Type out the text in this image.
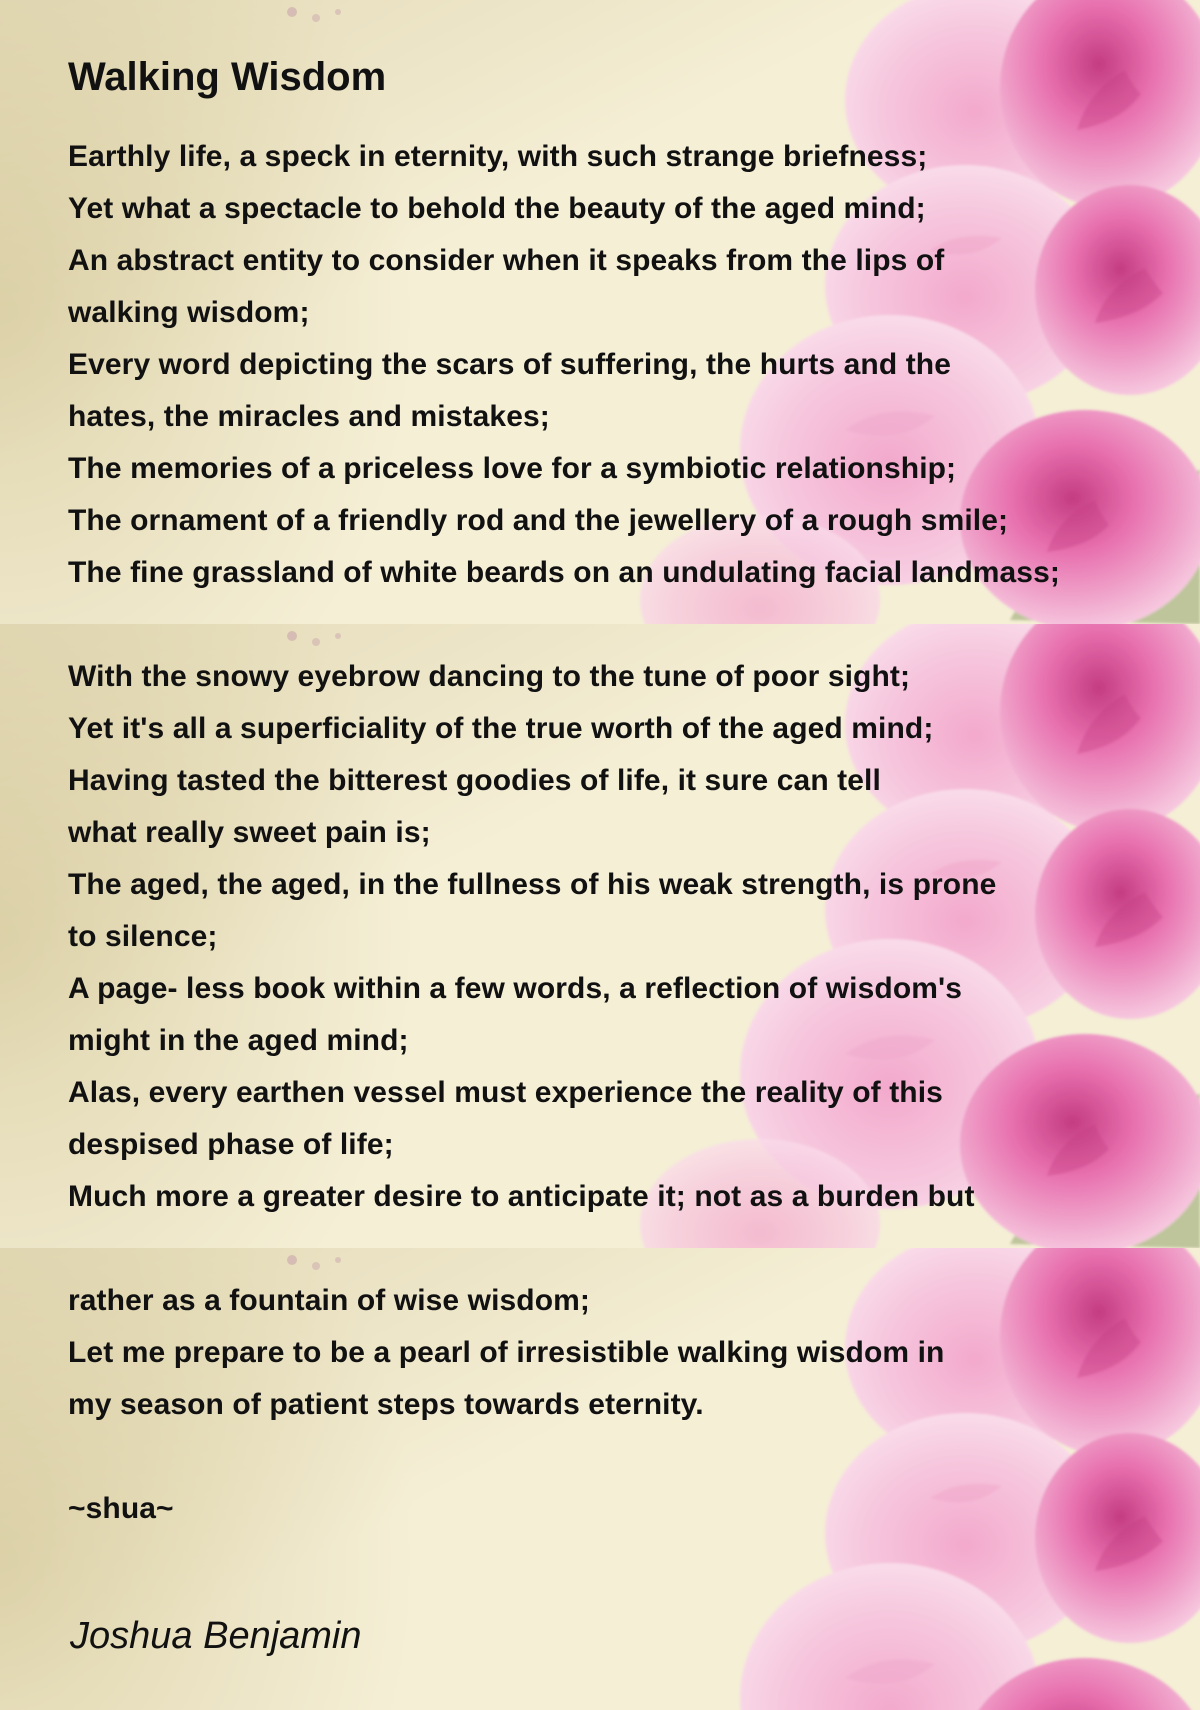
Walking Wisdom
Earthly life, a speck in eternity, with such strange briefness;
Yet what a spectacle to behold the beauty of the aged mind;
An abstract entity to consider when it speaks from the lips of
walking wisdom;
Every word depicting the scars of suffering, the hurts and the
hates, the miracles and mistakes;
The memories of a priceless love for a symbiotic relationship;
The ornament of a friendly rod and the jewellery of a rough smile;
The fine grassland of white beards on an undulating facial landmass;
With the snowy eyebrow dancing to the tune of poor sight;
Yet it's all a superficiality of the true worth of the aged mind;
Having tasted the bitterest goodies of life, it sure can tell
what really sweet pain is;
The aged, the aged, in the fullness of his weak strength, is prone
to silence;
A page- less book within a few words, a reflection of wisdom's
might in the aged mind;
Alas, every earthen vessel must experience the reality of this
despised phase of life;
Much more a greater desire to anticipate it; not as a burden but
rather as a fountain of wise wisdom;
Let me prepare to be a pearl of irresistible walking wisdom in
my season of patient steps towards eternity.
~shua~
Joshua Benjamin
